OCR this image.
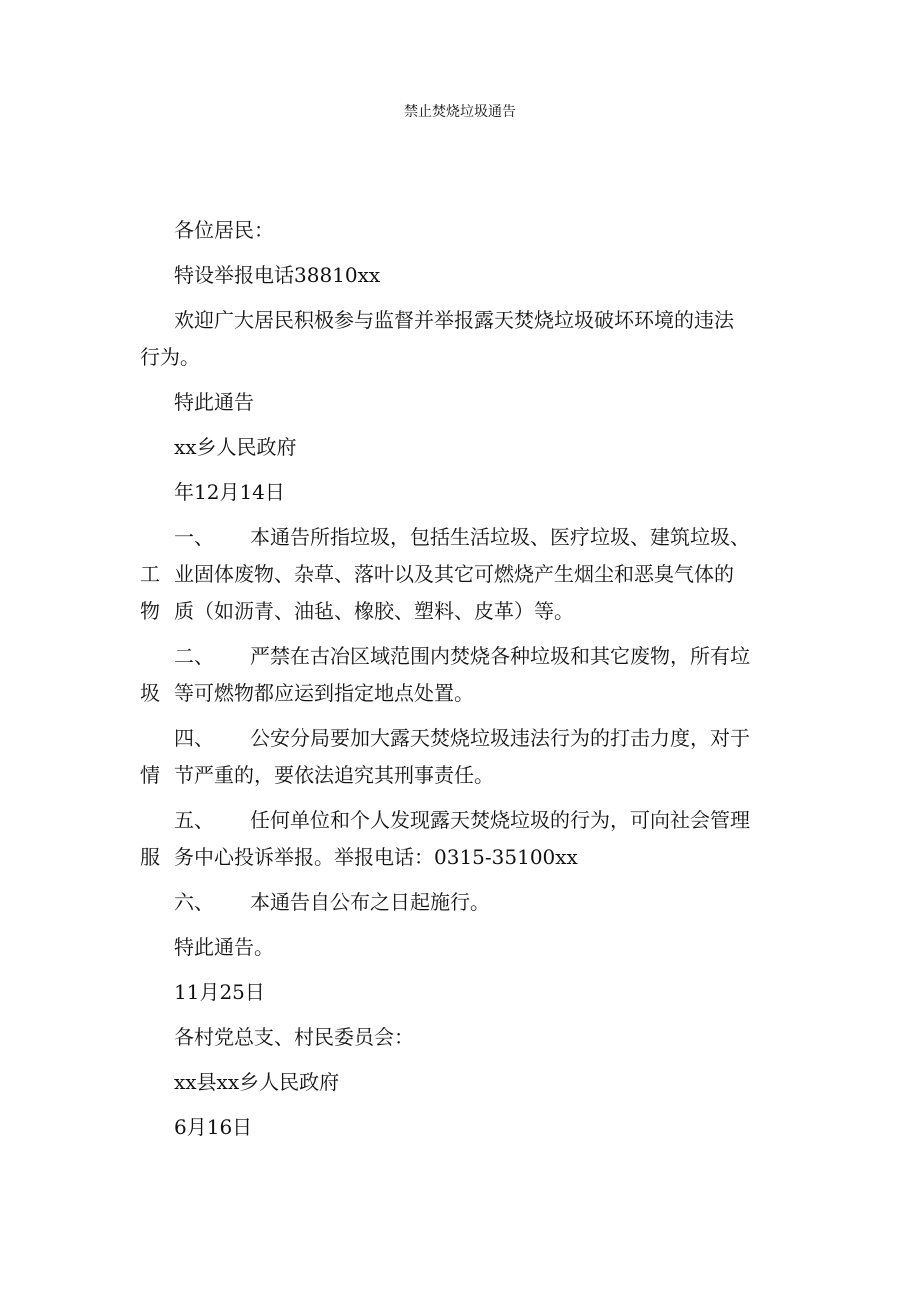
禁止焚烧垃圾通告

各位居民：

特设举报电话38810xx

欢迎广大居民积极参与监督并举报露天焚烧垃圾破坏环境的违法
行为。

特此通告

xx乡人民政府

年12月14日

一、 本通告所指垃圾，包括生活垃圾、医疗垃圾、建筑垃圾、
工 业固体废物、杂草、落叶以及其它可燃烧产生烟尘和恶臭气体的
物 质（如沥青、油毡、橡胶、塑料、皮革）等。
二、 严禁在古冶区域范围内焚烧各种垃圾和其它废物，所有垃
圾 等可燃物都应运到指定地点处置。
四、 公安分局要加大露天焚烧垃圾违法行为的打击力度，对于
情 节严重的，要依法追究其刑事责任。
五、 任何单位和个人发现露天焚烧垃圾的行为，可向社会管理
服 务中心投诉举报。举报电话：0315-35100xx
六、 本通告自公布之日起施行。

特此通告。

11月25日

各村党总支、村民委员会：

xx县xx乡人民政府

6月16日
